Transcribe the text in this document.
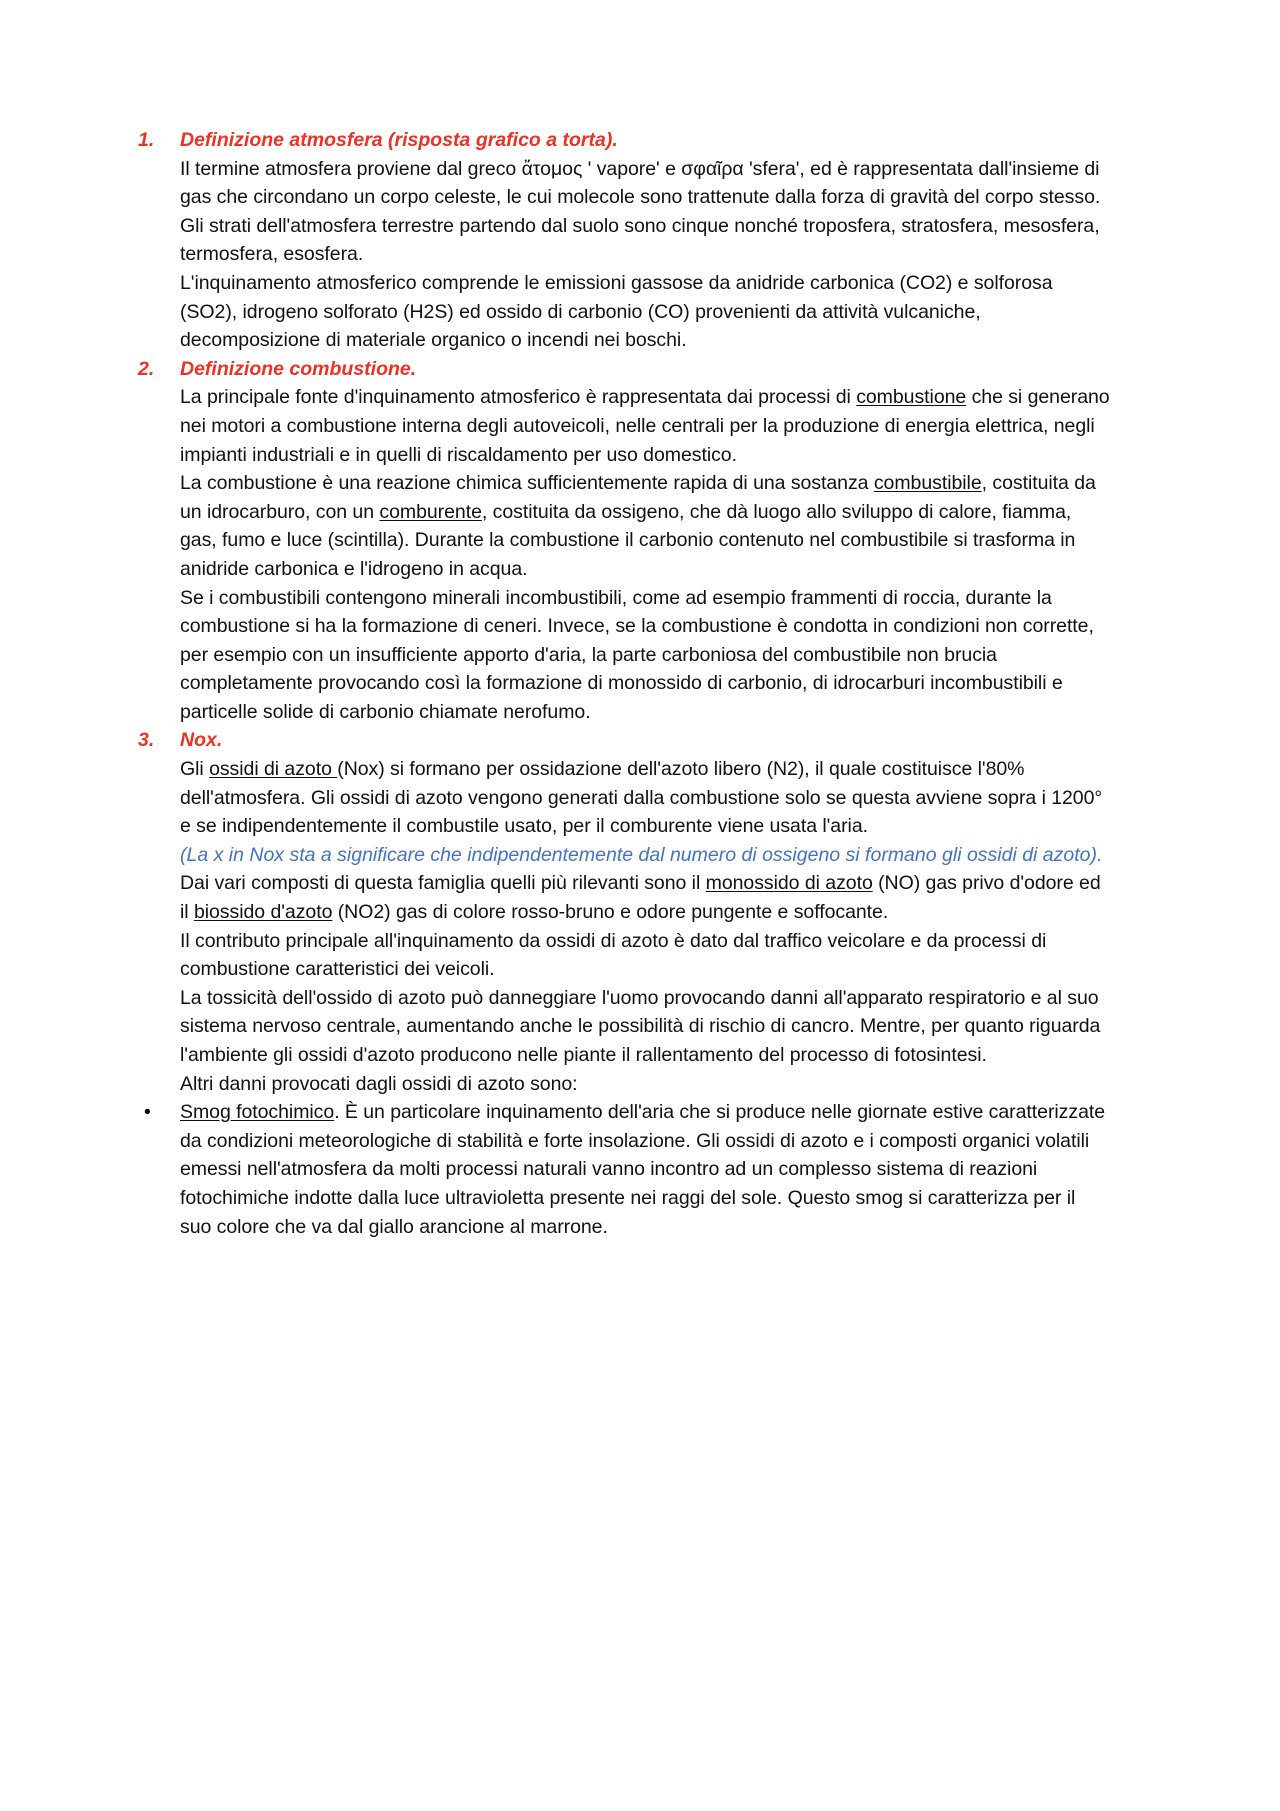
1.	Definizione atmosfera (risposta grafico a torta).

Il termine atmosfera proviene dal greco ἄτομος ' vapore' e σφαῖρα 'sfera', ed è rappresentata dall'insieme di gas che circondano un corpo celeste, le cui molecole sono trattenute dalla forza di gravità del corpo stesso. Gli strati dell'atmosfera terrestre partendo dal suolo sono cinque nonché troposfera, stratosfera, mesosfera, termosfera, esosfera.

L'inquinamento atmosferico comprende le emissioni gassose da anidride carbonica (CO2) e solforosa (SO2), idrogeno solforato (H2S) ed ossido di carbonio (CO) provenienti da attività vulcaniche, decomposizione di materiale organico o incendi nei boschi.

2.	Definizione combustione.

La principale fonte d'inquinamento atmosferico è rappresentata dai processi di combustione che si generano nei motori a combustione interna degli autoveicoli, nelle centrali per la produzione di energia elettrica, negli impianti industriali e in quelli di riscaldamento per uso domestico.

La combustione è una reazione chimica sufficientemente rapida di una sostanza combustibile, costituita da un idrocarburo, con un comburente, costituita da ossigeno, che dà luogo allo sviluppo di calore, fiamma, gas, fumo e luce (scintilla). Durante la combustione il carbonio contenuto nel combustibile si trasforma in anidride carbonica e l'idrogeno in acqua.

Se i combustibili contengono minerali incombustibili, come ad esempio frammenti di roccia, durante la combustione si ha la formazione di ceneri. Invece, se la combustione è condotta in condizioni non corrette, per esempio con un insufficiente apporto d'aria, la parte carboniosa del combustibile non brucia completamente provocando così la formazione di monossido di carbonio, di idrocarburi incombustibili e particelle solide di carbonio chiamate nerofumo.

3.	Nox.

Gli ossidi di azoto (Nox) si formano per ossidazione dell'azoto libero (N2), il quale costituisce l'80% dell'atmosfera. Gli ossidi di azoto vengono generati dalla combustione solo se questa avviene sopra i 1200° e se indipendentemente il combustile usato, per il comburente viene usata l'aria.

(La x in Nox sta a significare che indipendentemente dal numero di ossigeno si formano gli ossidi di azoto).

Dai vari composti di questa famiglia quelli più rilevanti sono il monossido di azoto (NO) gas privo d'odore ed il biossido d'azoto (NO2) gas di colore rosso-bruno e odore pungente e soffocante.

Il contributo principale all'inquinamento da ossidi di azoto è dato dal traffico veicolare e da processi di combustione caratteristici dei veicoli.

La tossicità dell'ossido di azoto può danneggiare l'uomo provocando danni all'apparato respiratorio e al suo sistema nervoso centrale, aumentando anche le possibilità di rischio di cancro. Mentre, per quanto riguarda l'ambiente gli ossidi d'azoto producono nelle piante il rallentamento del processo di fotosintesi.

Altri danni provocati dagli ossidi di azoto sono:

• Smog fotochimico. È un particolare inquinamento dell'aria che si produce nelle giornate estive caratterizzate da condizioni meteorologiche di stabilità e forte insolazione. Gli ossidi di azoto e i composti organici volatili emessi nell'atmosfera da molti processi naturali vanno incontro ad un complesso sistema di reazioni fotochimiche indotte dalla luce ultravioletta presente nei raggi del sole. Questo smog si caratterizza per il suo colore che va dal giallo arancione al marrone.
